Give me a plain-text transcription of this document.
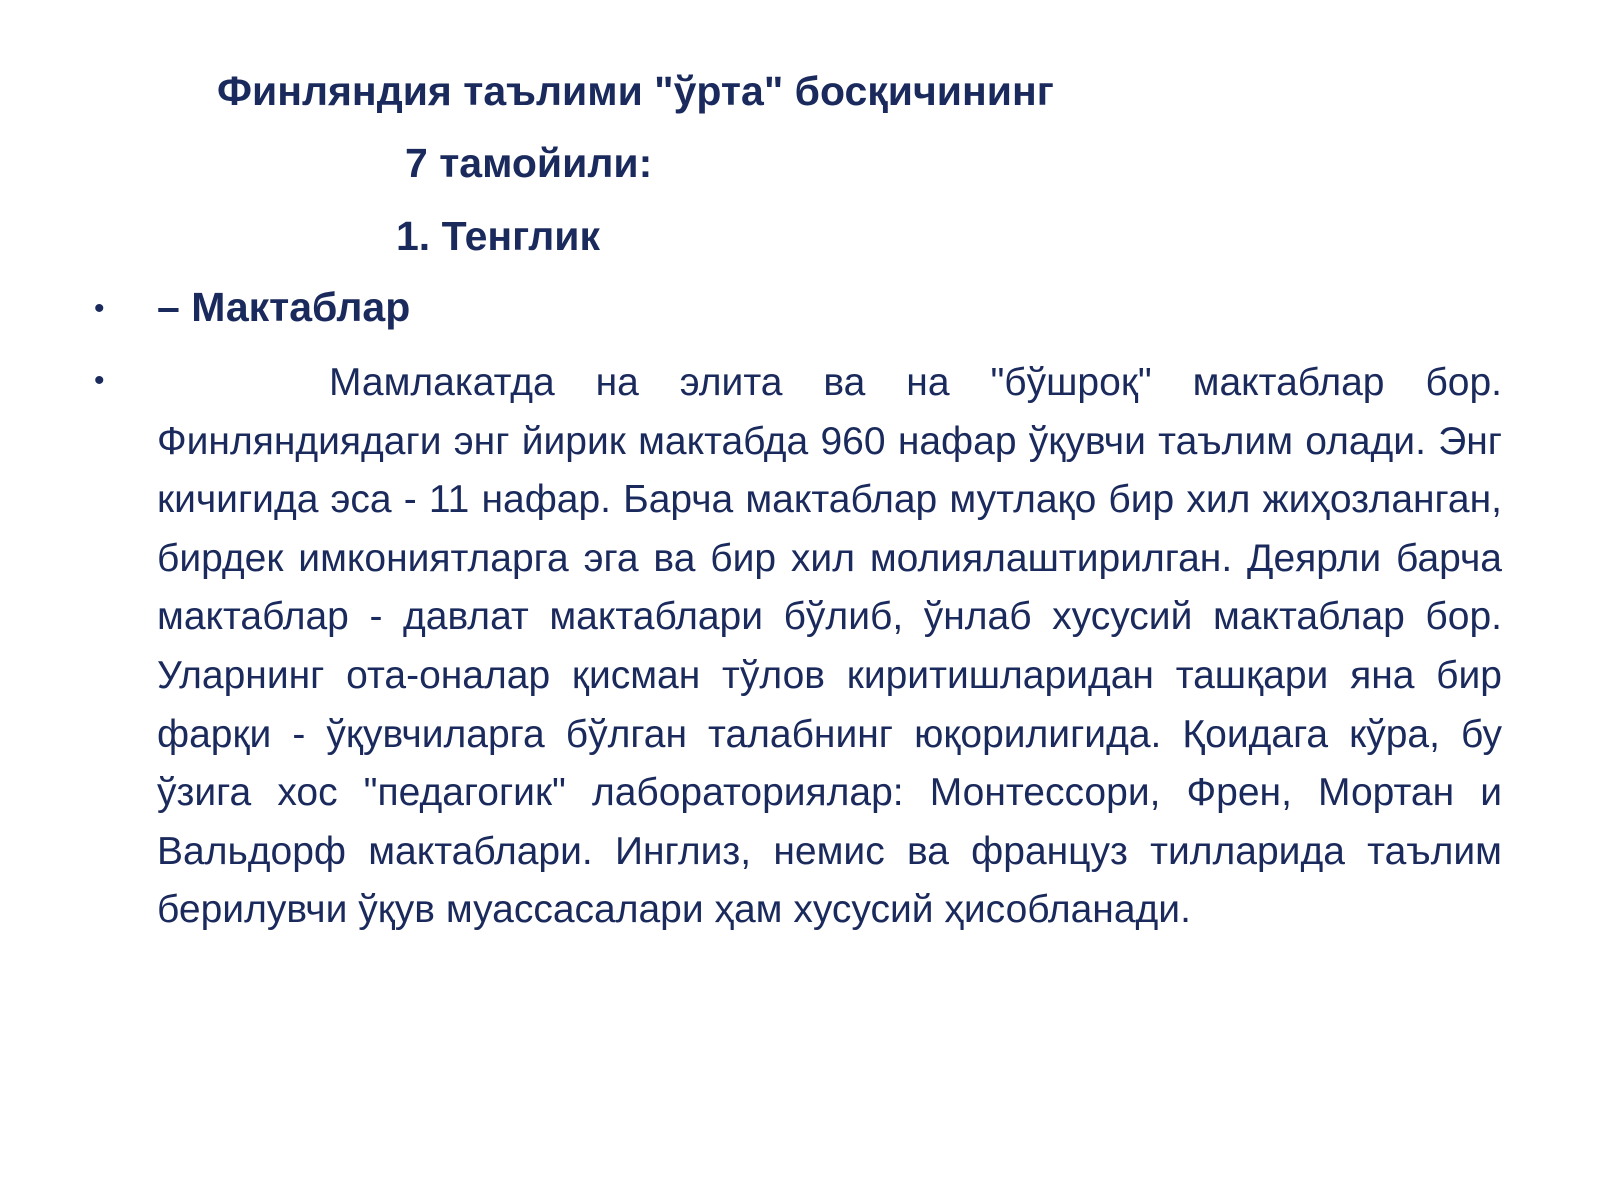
Финляндия таълими "ўрта" босқичининг
7 тамойили:
1. Тенглик
• – Мактаблар
•	Мамлакатда на элита ва на "бўшроқ" мактаблар бор. Финляндиядаги энг йирик мактабда 960 нафар ўқувчи таълим олади. Энг кичигида эса - 11 нафар. Барча мактаблар мутлақо бир хил жиҳозланган, бирдек имкониятларга эга ва бир хил молиялаштирилган. Деярли барча мактаблар - давлат мактаблари бўлиб, ўнлаб хусусий мактаблар бор. Уларнинг ота-оналар қисман тўлов киритишларидан ташқари яна бир фарқи - ўқувчиларга бўлган талабнинг юқорилигида. Қоидага кўра, бу ўзига хос "педагогик" лабораториялар: Монтессори, Френ, Мортан и Вальдорф мактаблари. Инглиз, немис ва француз тилларида таълим берилувчи ўқув муассасалари ҳам хусусий ҳисобланади.
